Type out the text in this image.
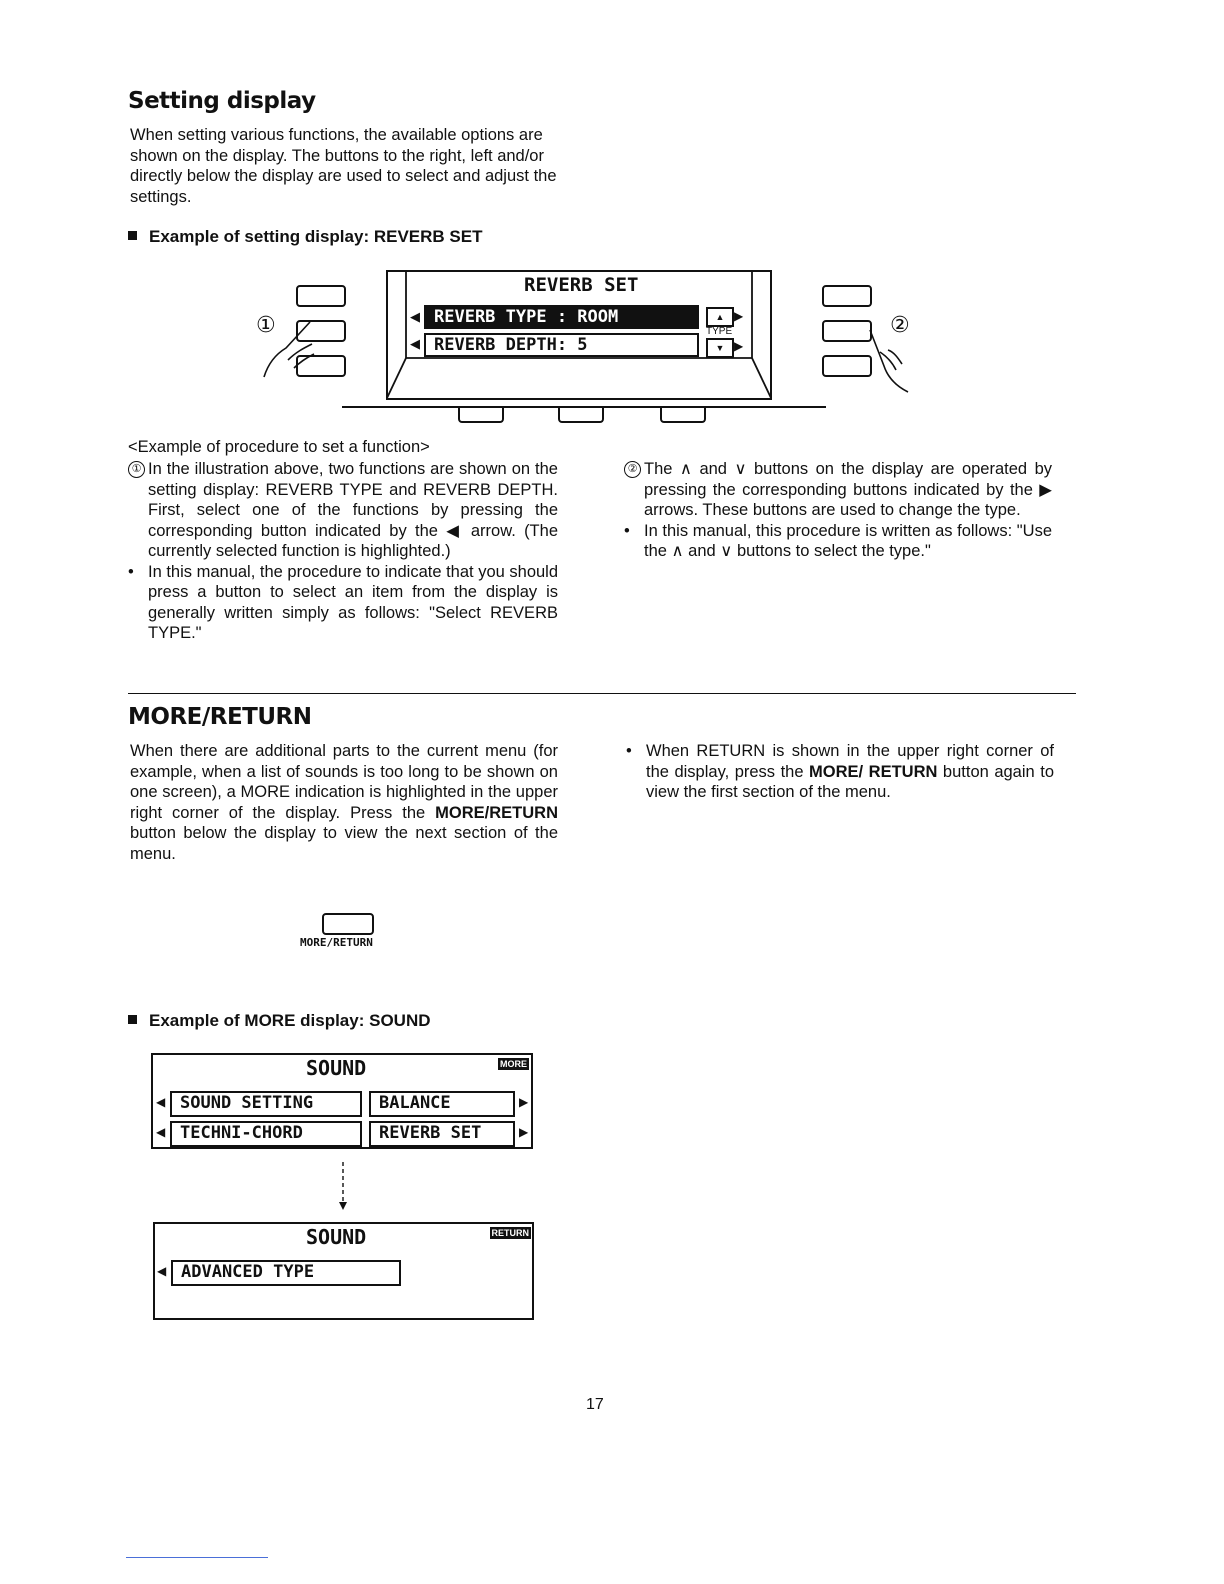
Setting display
When setting various functions, the available options are shown on the display. The buttons to the right, left and/or directly below the display are used to select and adjust the settings.
Example of setting display: REVERB SET
①
REVERB SET
◀ REVERB TYPE : ROOM
◀ REVERB DEPTH: 5
▲ ▶
TYPE
▼ ▶
②
<Example of procedure to set a function>
① In the illustration above, two functions are shown on the setting display: REVERB TYPE and REVERB DEPTH. First, select one of the functions by pressing the corresponding button indicated by the ◀ arrow. (The currently selected function is highlighted.)
• In this manual, the procedure to indicate that you should press a button to select an item from the display is generally written simply as follows: "Select REVERB TYPE."
② The ∧ and ∨ buttons on the display are operated by pressing the corresponding buttons indicated by the ▶ arrows. These buttons are used to change the type.
• In this manual, this procedure is written as follows: "Use the ∧ and ∨ buttons to select the type."
MORE/RETURN
When there are additional parts to the current menu (for example, when a list of sounds is too long to be shown on one screen), a MORE indication is highlighted in the upper right corner of the display. Press the MORE/RETURN button below the display to view the next section of the menu.
• When RETURN is shown in the upper right corner of the display, press the MORE/ RETURN button again to view the first section of the menu.
MORE/RETURN
Example of MORE display: SOUND
SOUND	MORE
◀ SOUND SETTING	BALANCE	▶
◀ TECHNI-CHORD	REVERB SET	▶
SOUND	RETURN
◀ ADVANCED TYPE
17
